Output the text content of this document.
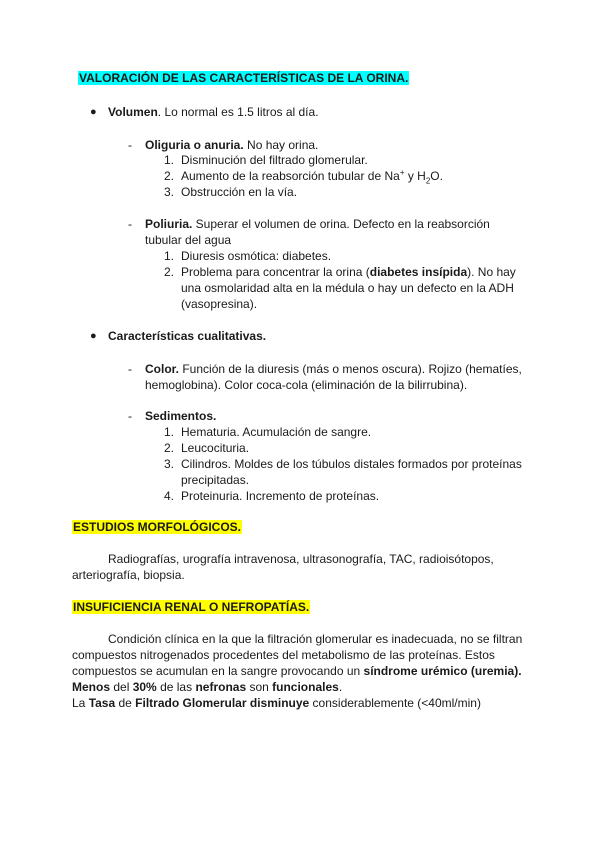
VALORACIÓN DE LAS CARACTERÍSTICAS DE LA ORINA.
● Volumen. Lo normal es 1.5 litros al día.
- Oliguria o anuria. No hay orina.
1. Disminución del filtrado glomerular.
2. Aumento de la reabsorción tubular de Na+ y $H_2O$.
3. Obstrucción en la vía.
- Poliuria. Superar el volumen de orina. Defecto en la reabsorción
tubular del agua
1. Diuresis osmótica: diabetes.
2. Problema para concentrar la orina (diabetes insípida). No hay
una osmolaridad alta en la médula o hay un defecto en la ADH
(vasopresina).
● Características cualitativas.
- Color. Función de la diuresis (más o menos oscura). Rojizo (hematíes,
hemoglobina). Color coca-cola (eliminación de la bilirrubina).
- Sedimentos.
1. Hematuria. Acumulación de sangre.
2. Leucocituria.
3. Cilindros. Moldes de los túbulos distales formados por proteínas
precipitadas.
4. Proteinuria. Incremento de proteínas.
ESTUDIOS MORFOLÓGICOS.
Radiografías, urografía intravenosa, ultrasonografía, TAC, radioisótopos,
arteriografía, biopsia.
INSUFICIENCIA RENAL O NEFROPATÍAS.
Condición clínica en la que la filtración glomerular es inadecuada, no se filtran
compuestos nitrogenados procedentes del metabolismo de las proteínas. Estos
compuestos se acumulan en la sangre provocando un síndrome urémico (uremia).
Menos del 30% de las nefronas son funcionales.
La Tasa de Filtrado Glomerular disminuye considerablemente (<40ml/min)
